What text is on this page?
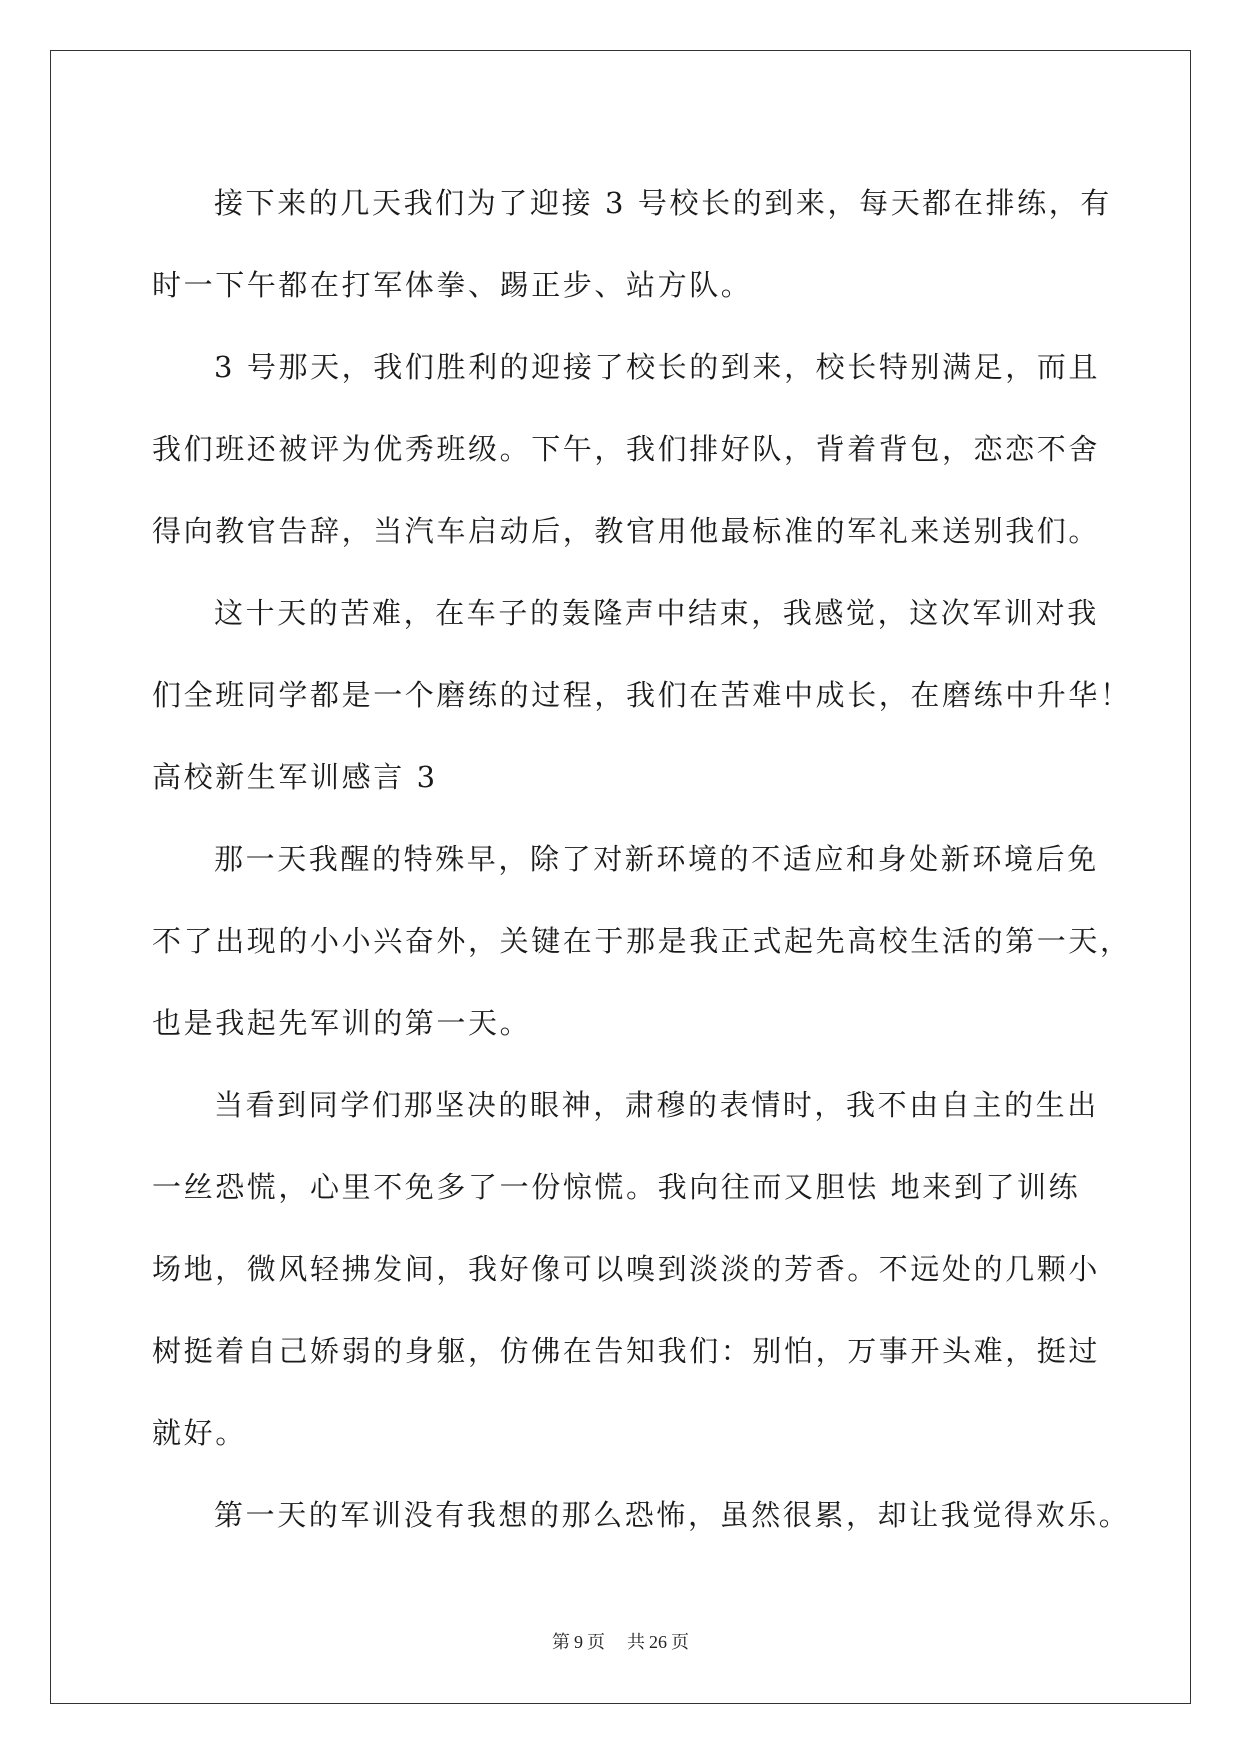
接下来的几天我们为了迎接 3 号校长的到来，每天都在排练，有
时一下午都在打军体拳、踢正步、站方队。
3 号那天，我们胜利的迎接了校长的到来，校长特别满足，而且
我们班还被评为优秀班级。下午，我们排好队，背着背包，恋恋不舍
得向教官告辞，当汽车启动后，教官用他最标准的军礼来送别我们。
这十天的苦难，在车子的轰隆声中结束，我感觉，这次军训对我
们全班同学都是一个磨练的过程，我们在苦难中成长，在磨练中升华！
高校新生军训感言 3
那一天我醒的特殊早，除了对新环境的不适应和身处新环境后免
不了出现的小小兴奋外，关键在于那是我正式起先高校生活的第一天，
也是我起先军训的第一天。
当看到同学们那坚决的眼神，肃穆的表情时，我不由自主的生出
一丝恐慌，心里不免多了一份惊慌。我向往而又胆怯 地来到了训练
场地，微风轻拂发间，我好像可以嗅到淡淡的芳香。不远处的几颗小
树挺着自己娇弱的身躯，仿佛在告知我们：别怕，万事开头难，挺过
就好。
第一天的军训没有我想的那么恐怖，虽然很累，却让我觉得欢乐。
第 9 页 共 26 页
